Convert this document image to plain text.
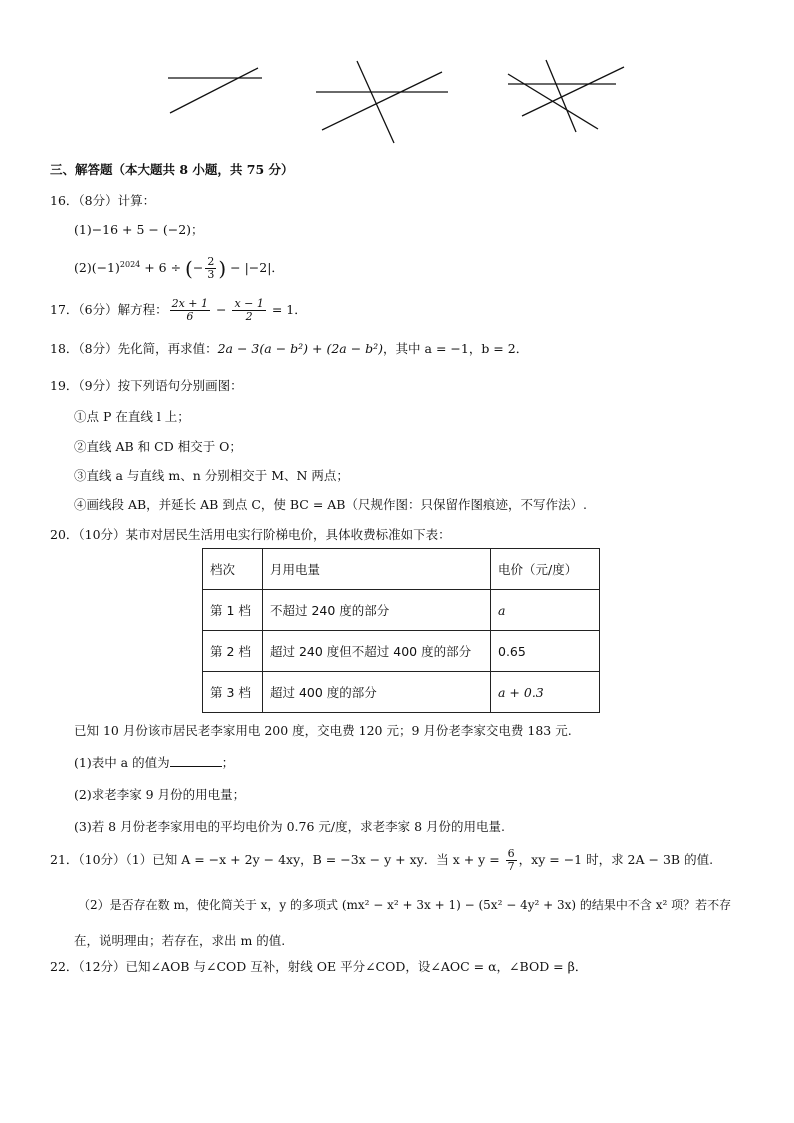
三、解答题（本大题共 8 小题，共 75 分）
16．（8分）计算：
(1)−16 + 5 − (−2)；
$(2)(-1)^{2024} + 6$ ÷ (− $\frac{2}{3}$ ) − |−2|．
17．（6分）解方程： $\frac{2x + 1}{6} - \frac{x - 1}{2} = 1$．
18．（8分）先化简，再求值：2a − 3(a − b²) + (2a − b²)，其中 a = −1，b = 2．
19．（9分）按下列语句分别画图：
①点 P 在直线 l 上；
②直线 AB 和 CD 相交于 O；
③直线 a 与直线 m、n 分别相交于 M、N 两点；
④画线段 AB，并延长 AB 到点 C，使 BC = AB（尺规作图：只保留作图痕迹，不写作法）.
20．（10分）某市对居民生活用电实行阶梯电价，具体收费标准如下表：
档次	月用电量	电价（元/度）
第 1 档	不超过 240 度的部分	a
第 2 档	超过 240 度但不超过 400 度的部分	0.65
第 3 档	超过 400 度的部分	a + 0.3
已知 10 月份该市居民老李家用电 200 度，交电费 120 元；9 月份老李家交电费 183 元.
(1)表中 a 的值为	；
(2)求老李家 9 月份的用电量；
(3)若 8 月份老李家用电的平均电价为 0.76 元/度，求老李家 8 月份的用电量.
21．（10分）（1）已知 A = −x + 2y − 4xy，B = −3x − y + xy．当 $x + y = \frac{6}{7}$ ，xy = −1 时，求 2A − 3B 的值.
（2）是否存在数 m，使化简关于 x，y 的多项式 (mx² − x² + 3x + 1) − (5x² − 4y² + 3x) 的结果中不含 x² 项？若不存
在，说明理由；若存在，求出 m 的值.
22．（12分）已知∠AOB 与∠COD 互补，射线 OE 平分∠COD，设∠AOC = α，∠BOD = β．
